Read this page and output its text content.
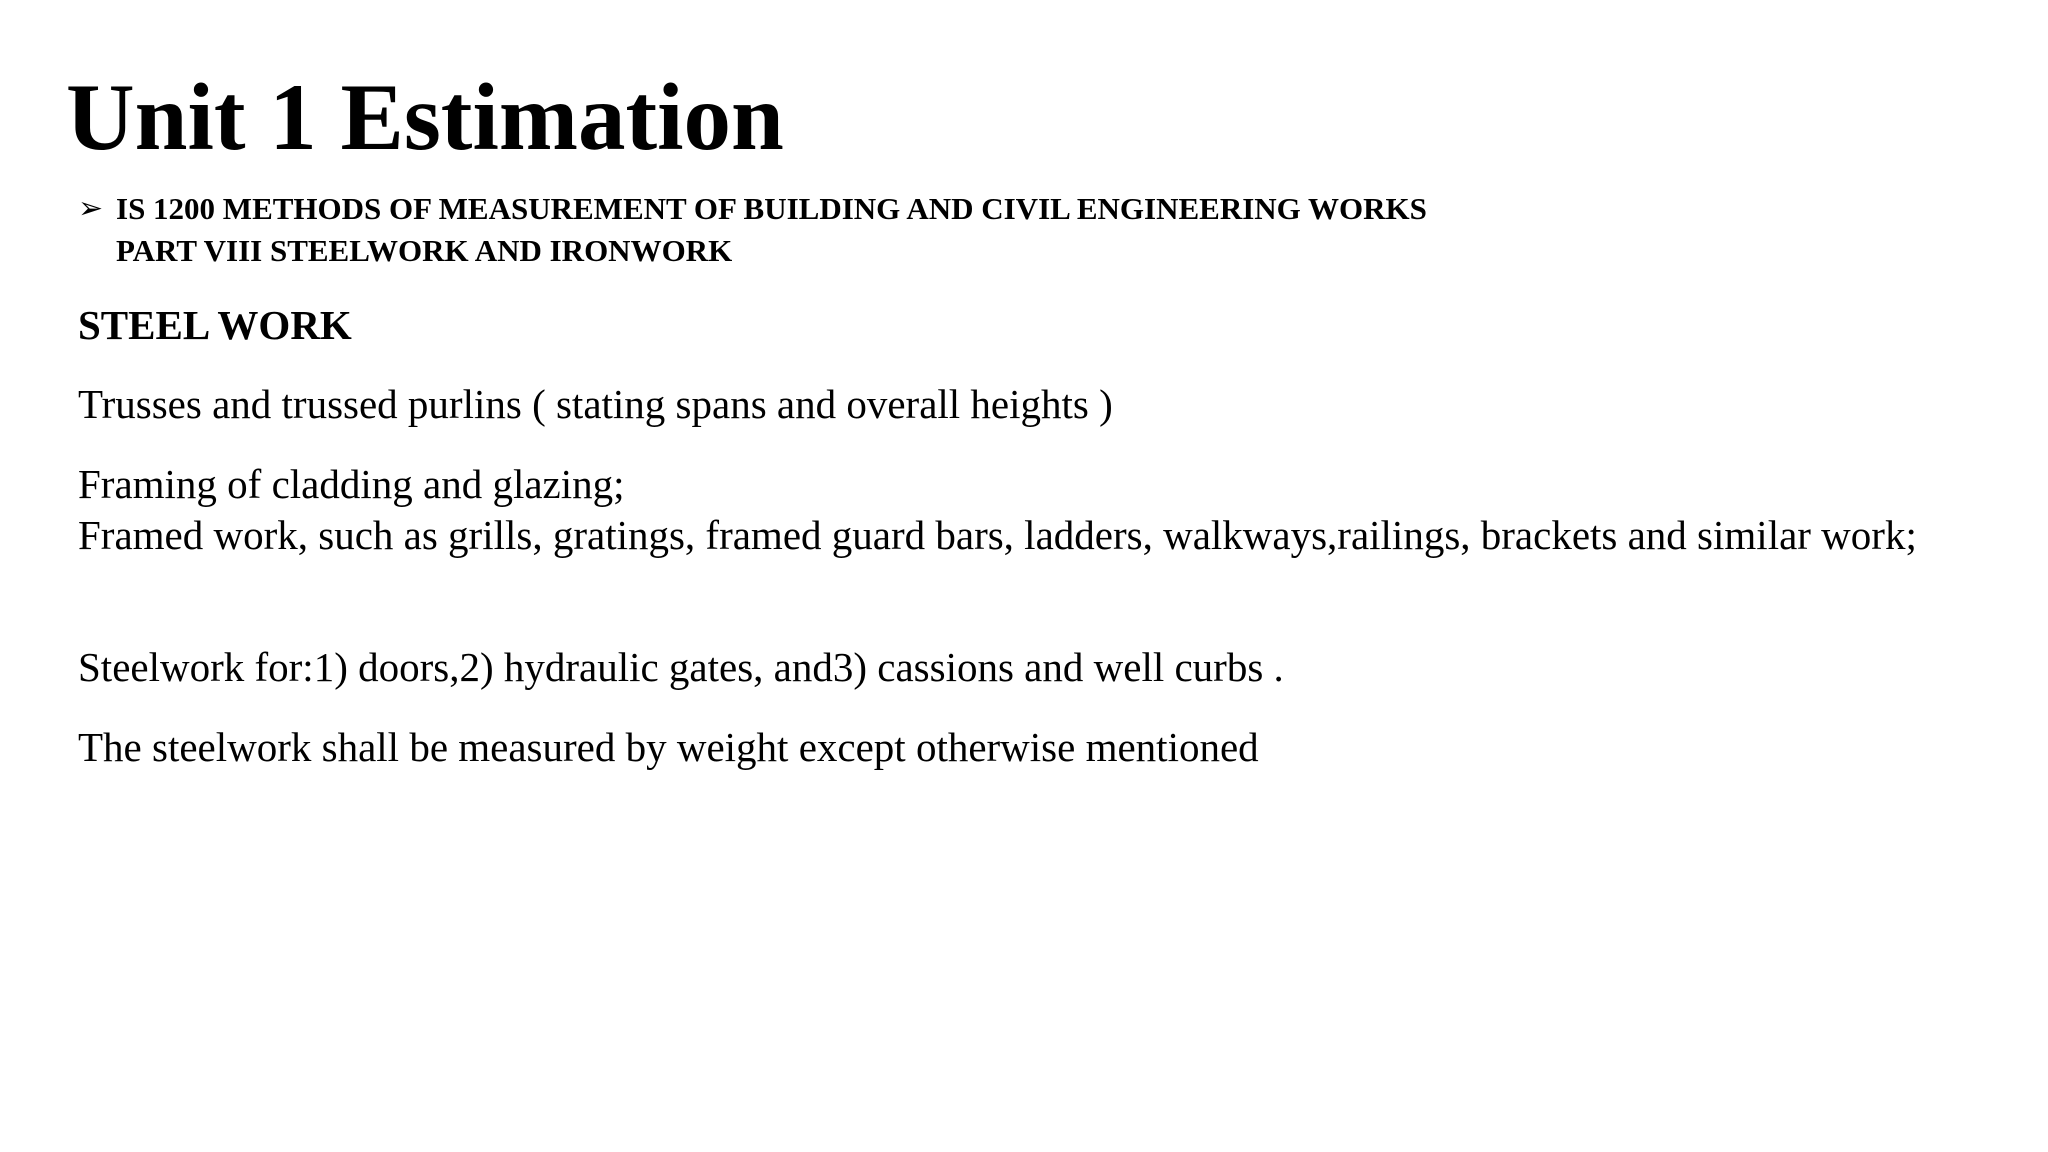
Unit 1 Estimation
➢ IS 1200 METHODS OF MEASUREMENT OF BUILDING AND CIVIL ENGINEERING WORKS
PART VIII STEELWORK AND IRONWORK
STEEL WORK

Trusses and trussed purlins ( stating spans and overall heights )

Framing of cladding and glazing;
Framed work, such as grills, gratings, framed guard bars, ladders, walkways,railings, brackets and similar work;

Steelwork for:1) doors,2) hydraulic gates, and3) cassions and well curbs .

The steelwork shall be measured by weight except otherwise mentioned
